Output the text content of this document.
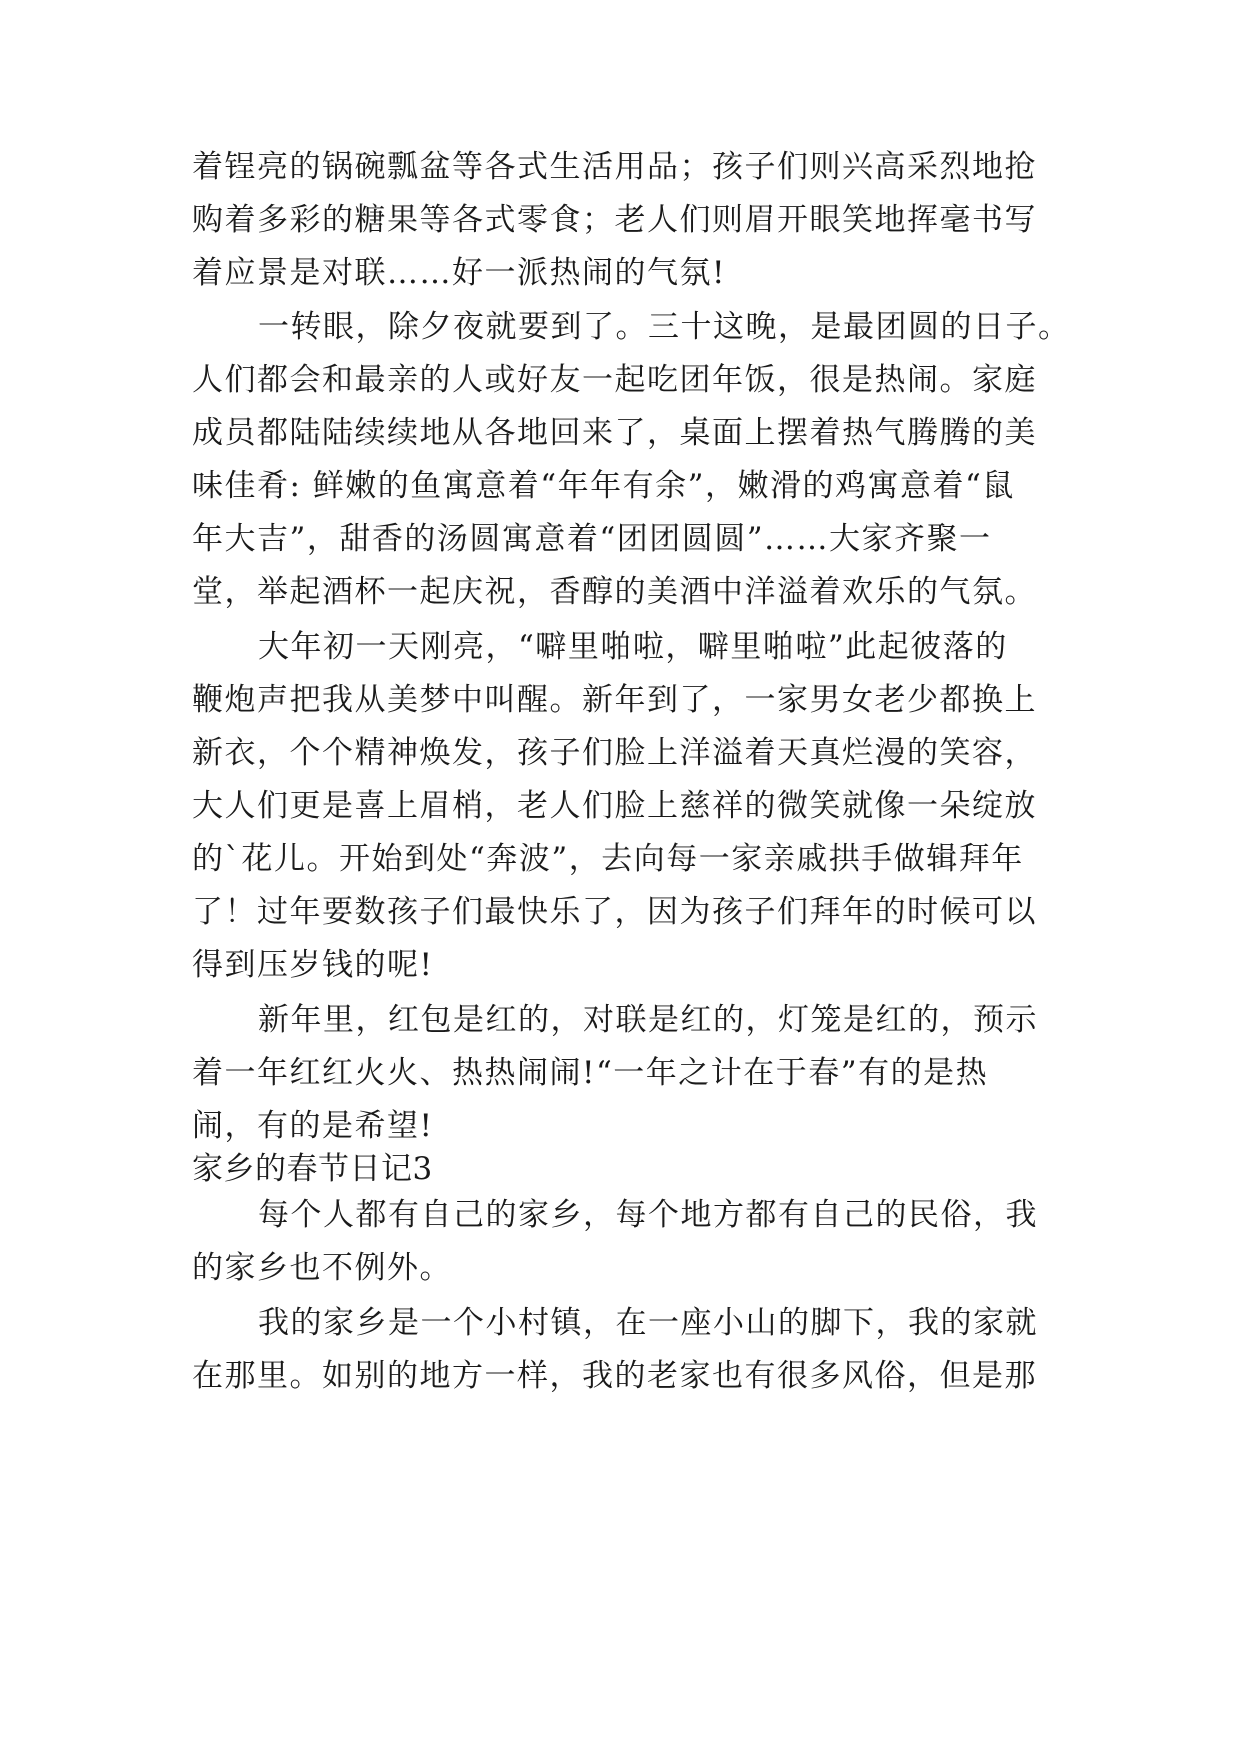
着锃亮的锅碗瓢盆等各式生活用品；孩子们则兴高采烈地抢
购着多彩的糖果等各式零食；老人们则眉开眼笑地挥毫书写
着应景是对联……好一派热闹的气氛!
一转眼，除夕夜就要到了。三十这晚，是最团圆的日子。
人们都会和最亲的人或好友一起吃团年饭，很是热闹。家庭
成员都陆陆续续地从各地回来了，桌面上摆着热气腾腾的美
味佳肴: 鲜嫩的鱼寓意着“年年有余”，嫩滑的鸡寓意着“鼠
年大吉”，甜香的汤圆寓意着“团团圆圆”……大家齐聚一
堂，举起酒杯一起庆祝，香醇的美酒中洋溢着欢乐的气氛。
大年初一天刚亮，“噼里啪啦，噼里啪啦”此起彼落的
鞭炮声把我从美梦中叫醒。新年到了，一家男女老少都换上
新衣，个个精神焕发，孩子们脸上洋溢着天真烂漫的笑容，
大人们更是喜上眉梢，老人们脸上慈祥的微笑就像一朵绽放
的`花儿。开始到处“奔波”，去向每一家亲戚拱手做辑拜年
了！过年要数孩子们最快乐了，因为孩子们拜年的时候可以
得到压岁钱的呢!
新年里，红包是红的，对联是红的，灯笼是红的，预示
着一年红红火火、热热闹闹!“一年之计在于春”有的是热
闹，有的是希望!
家乡的春节日记3
每个人都有自己的家乡，每个地方都有自己的民俗，我
的家乡也不例外。
我的家乡是一个小村镇，在一座小山的脚下，我的家就
在那里。如别的地方一样，我的老家也有很多风俗，但是那
